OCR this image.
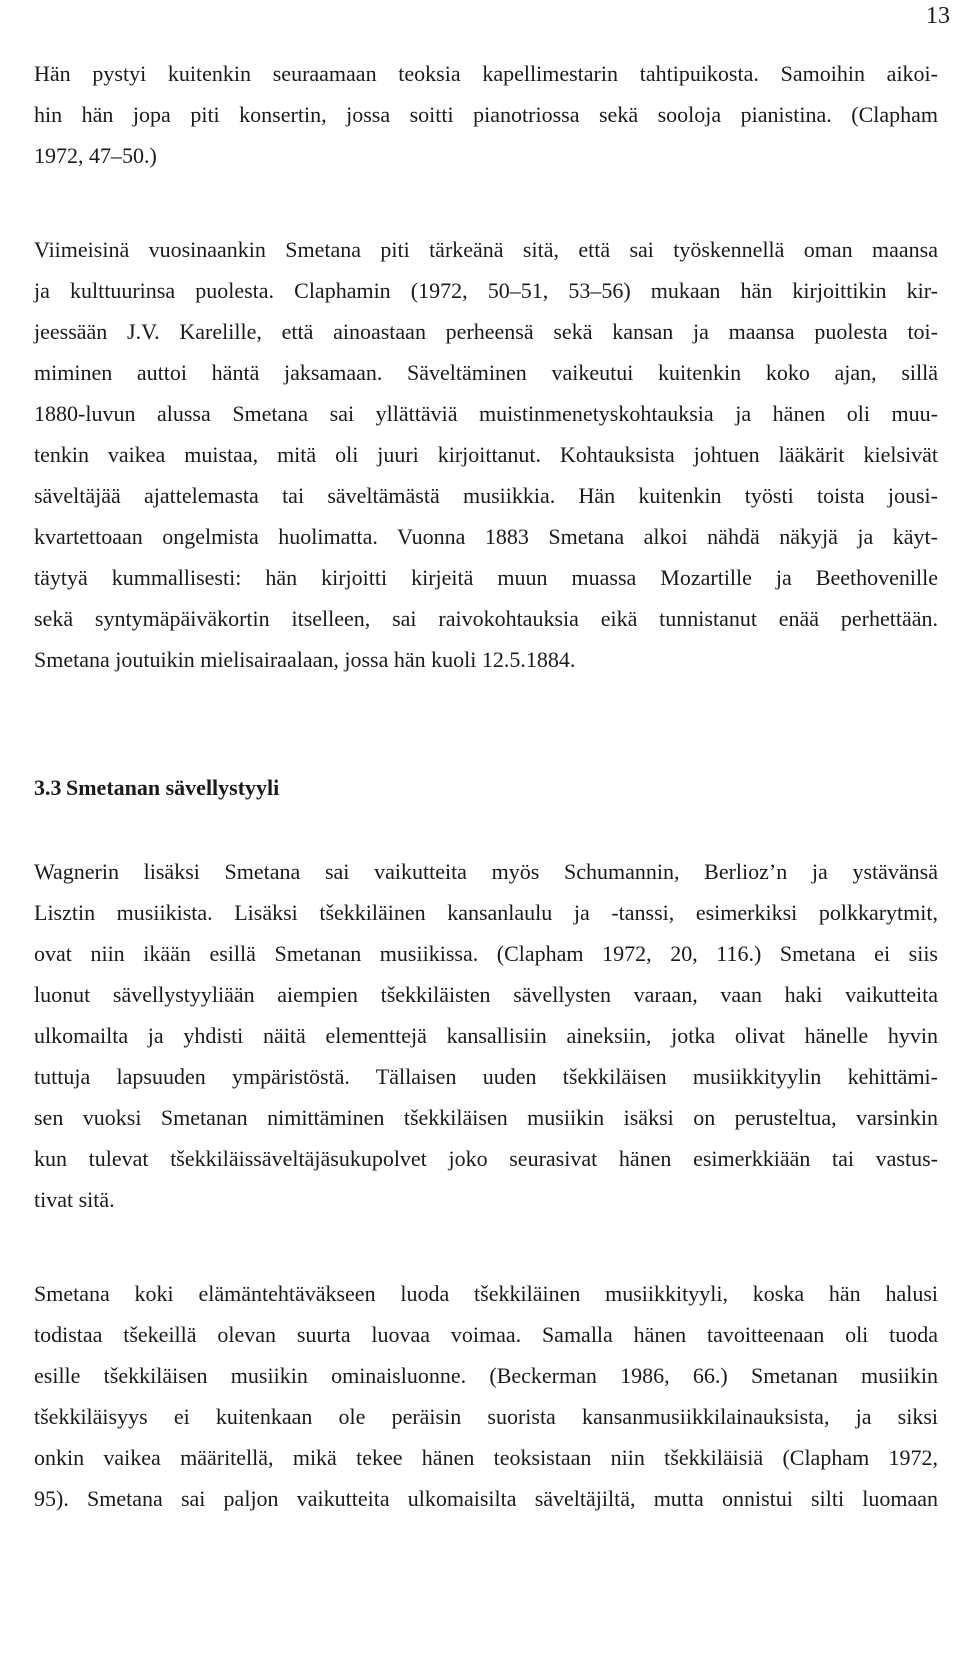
13

Hän pystyi kuitenkin seuraamaan teoksia kapellimestarin tahtipuikosta. Samoihin aikoi-
hin hän jopa piti konsertin, jossa soitti pianotriossa sekä sooloja pianistina. (Clapham
1972, 47–50.)

Viimeisinä vuosinaankin Smetana piti tärkeänä sitä, että sai työskennellä oman maansa
ja kulttuurinsa puolesta. Claphamin (1972, 50–51, 53–56) mukaan hän kirjoittikin kir-
jeessään J.V. Karelille, että ainoastaan perheensä sekä kansan ja maansa puolesta toi-
miminen auttoi häntä jaksamaan. Säveltäminen vaikeutui kuitenkin koko ajan, sillä
1880-luvun alussa Smetana sai yllättäviä muistinmenetyskohtauksia ja hänen oli muu-
tenkin vaikea muistaa, mitä oli juuri kirjoittanut. Kohtauksista johtuen lääkärit kielsivät
säveltäjää ajattelemasta tai säveltämästä musiikkia. Hän kuitenkin työsti toista jousi-
kvartettoaan ongelmista huolimatta. Vuonna 1883 Smetana alkoi nähdä näkyjä ja käyt-
täytyä kummallisesti: hän kirjoitti kirjeitä muun muassa Mozartille ja Beethovenille
sekä syntymäpäiväkortin itselleen, sai raivokohtauksia eikä tunnistanut enää perhettään.
Smetana joutuikin mielisairaalaan, jossa hän kuoli 12.5.1884.

3.3 Smetanan sävellystyyli

Wagnerin lisäksi Smetana sai vaikutteita myös Schumannin, Berlioz’n ja ystävänsä
Lisztin musiikista. Lisäksi tšekkiläinen kansanlaulu ja -tanssi, esimerkiksi polkkarytmit,
ovat niin ikään esillä Smetanan musiikissa. (Clapham 1972, 20, 116.) Smetana ei siis
luonut sävellystyyliään aiempien tšekkiläisten sävellysten varaan, vaan haki vaikutteita
ulkomailta ja yhdisti näitä elementtejä kansallisiin aineksiin, jotka olivat hänelle hyvin
tuttuja lapsuuden ympäristöstä. Tällaisen uuden tšekkiläisen musiikkityylin kehittämi-
sen vuoksi Smetanan nimittäminen tšekkiläisen musiikin isäksi on perusteltua, varsinkin
kun tulevat tšekkiläissäveltäjäsukupolvet joko seurasivat hänen esimerkkiään tai vastus-
tivat sitä.

Smetana koki elämäntehtäväkseen luoda tšekkiläinen musiikkityyli, koska hän halusi
todistaa tšekeillä olevan suurta luovaa voimaa. Samalla hänen tavoitteenaan oli tuoda
esille tšekkiläisen musiikin ominaisluonne. (Beckerman 1986, 66.) Smetanan musiikin
tšekkiläisyys ei kuitenkaan ole peräisin suorista kansanmusiikkilainauksista, ja siksi
onkin vaikea määritellä, mikä tekee hänen teoksistaan niin tšekkiläisiä (Clapham 1972,
95). Smetana sai paljon vaikutteita ulkomaisilta säveltäjiltä, mutta onnistui silti luomaan
